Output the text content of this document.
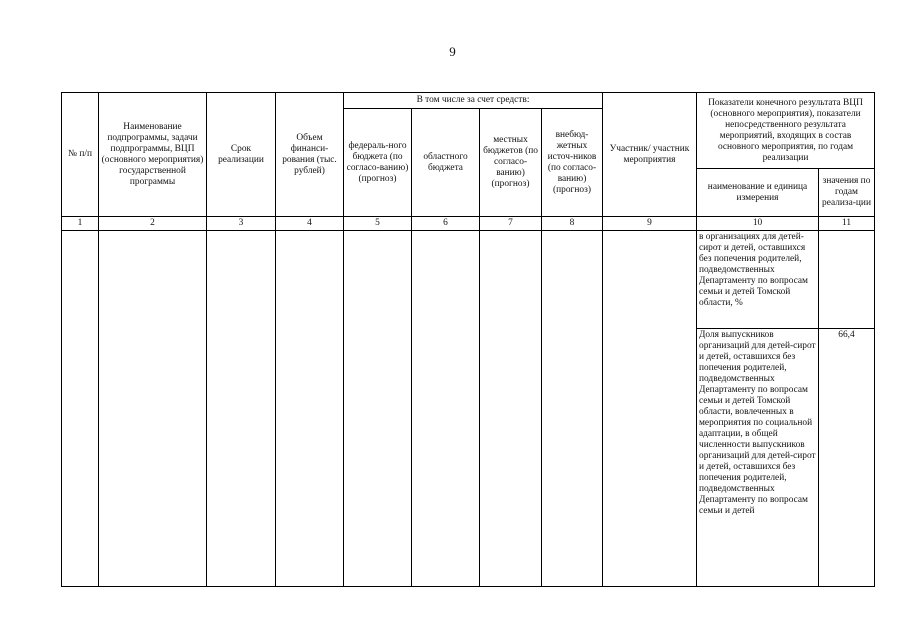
9
№ п/п	Наименование подпрограммы, задачи подпрограммы, ВЦП (основного мероприятия) государственной программы	Срок реализации	Объем финанси-рования (тыс. рублей)	В том числе за счет средств:				Участник/ участник мероприятия	Показатели конечного результата ВЦП (основного мероприятия), показатели непосредственного результата мероприятий, входящих в состав основного мероприятия, по годам реализации	
				федераль-ного бюджета (по согласо-ванию) (прогноз)	областного бюджета	местных бюджетов (по согласо-ванию) (прогноз)	внебюд-жетных источ-ников (по согласо-ванию) (прогноз)			
									наименование и единица измерения	значения по годам реализа-ции
1	2	3	4	5	6	7	8	9	10	11
									в организациях для детей-сирот и детей, оставшихся без попечения родителей, подведомственных Департаменту по вопросам семьи и детей Томской области, %	
									Доля выпускников организаций для детей-сирот и детей, оставшихся без попечения родителей, подведомственных Департаменту по вопросам семьи и детей Томской области, вовлеченных в мероприятия по социальной адаптации, в общей численности выпускников организаций для детей-сирот и детей, оставшихся без попечения родителей, подведомственных Департаменту по вопросам семьи и детей	66,4
